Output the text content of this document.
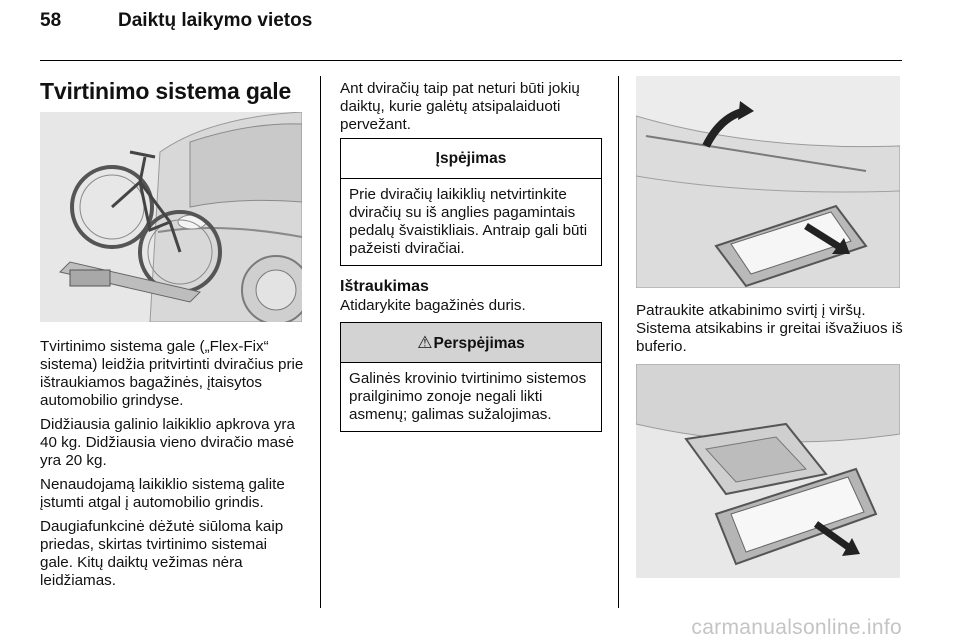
58	Daiktų laikymo vietos
Tvirtinimo sistema gale

Tvirtinimo sistema gale („Flex-Fix“ sistema) leidžia pritvirtinti dviračius prie ištraukiamos bagažinės, įtaisytos automobilio grindyse.

Didžiausia galinio laikiklio apkrova yra 40 kg. Didžiausia vieno dviračio masė yra 20 kg.

Nenaudojamą laikiklio sistemą galite įstumti atgal į automobilio grindis.

Daugiafunkcinė dėžutė siūloma kaip priedas, skirtas tvirtinimo sistemai gale. Kitų daiktų vežimas nėra leidžiamas.

Ant dviračių taip pat neturi būti jokių daiktų, kurie galėtų atsipalaiduoti pervežant.
Įspėjimas
Prie dviračių laikiklių netvirtinkite dviračių su iš anglies pagamintais pedalų švaistikliais. Antraip gali būti pažeisti dviračiai.
Ištraukimas
Atidarykite bagažinės duris.
⚠Perspėjimas
Galinės krovinio tvirtinimo sistemos prailginimo zonoje negali likti asmenų; galimas sužalojimas.
Patraukite atkabinimo svirtį į viršų. Sistema atsikabins ir greitai išvažiuos iš buferio.
carmanualsonline.info
